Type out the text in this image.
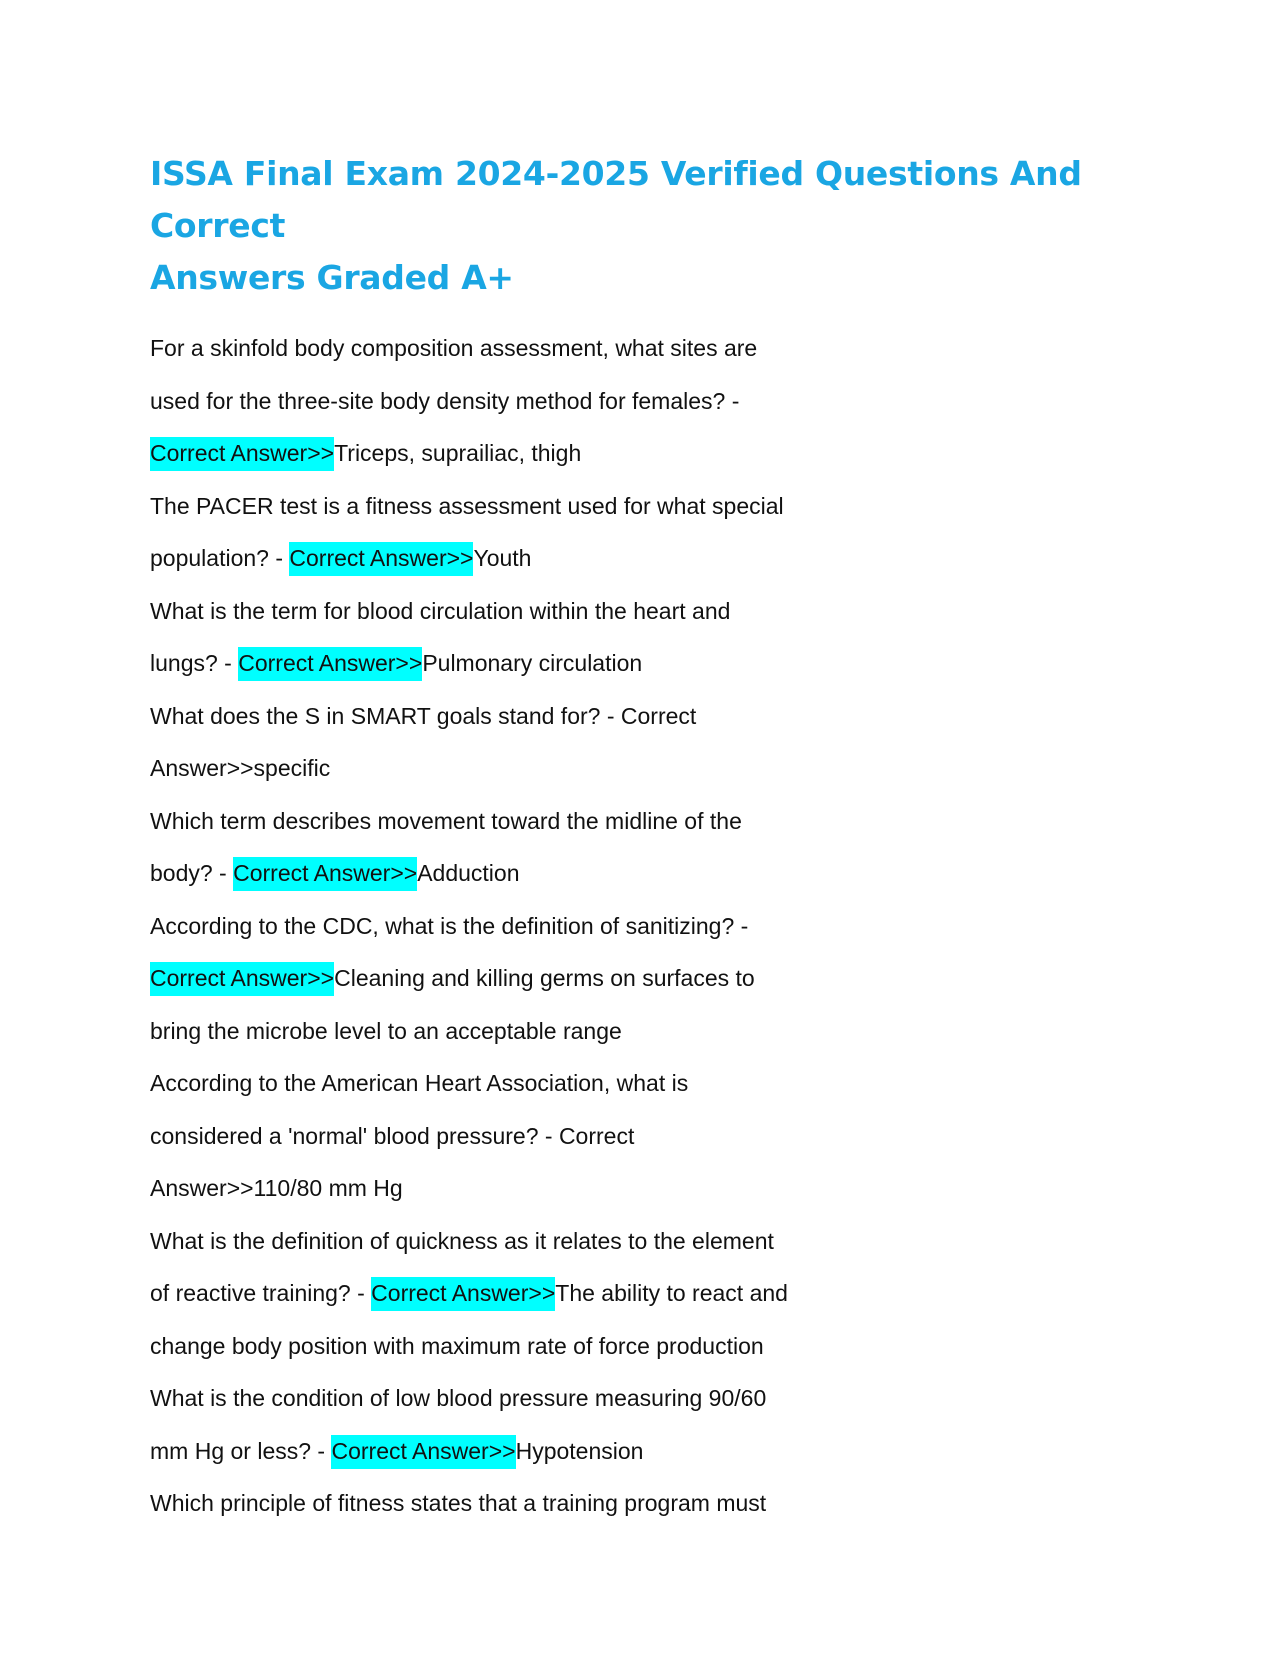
ISSA Final Exam 2024-2025 Verified Questions And Correct
Answers Graded A+

For a skinfold body composition assessment, what sites are

used for the three-site body density method for females? -

Correct Answer>>Triceps, suprailiac, thigh

The PACER test is a fitness assessment used for what special

population? - Correct Answer>>Youth

What is the term for blood circulation within the heart and

lungs? - Correct Answer>>Pulmonary circulation

What does the S in SMART goals stand for? - Correct

Answer>>specific

Which term describes movement toward the midline of the

body? - Correct Answer>>Adduction

According to the CDC, what is the definition of sanitizing? -

Correct Answer>>Cleaning and killing germs on surfaces to

bring the microbe level to an acceptable range

According to the American Heart Association, what is

considered a 'normal' blood pressure? - Correct

Answer>>110/80 mm Hg

What is the definition of quickness as it relates to the element

of reactive training? - Correct Answer>>The ability to react and

change body position with maximum rate of force production

What is the condition of low blood pressure measuring 90/60

mm Hg or less? - Correct Answer>>Hypotension

Which principle of fitness states that a training program must
